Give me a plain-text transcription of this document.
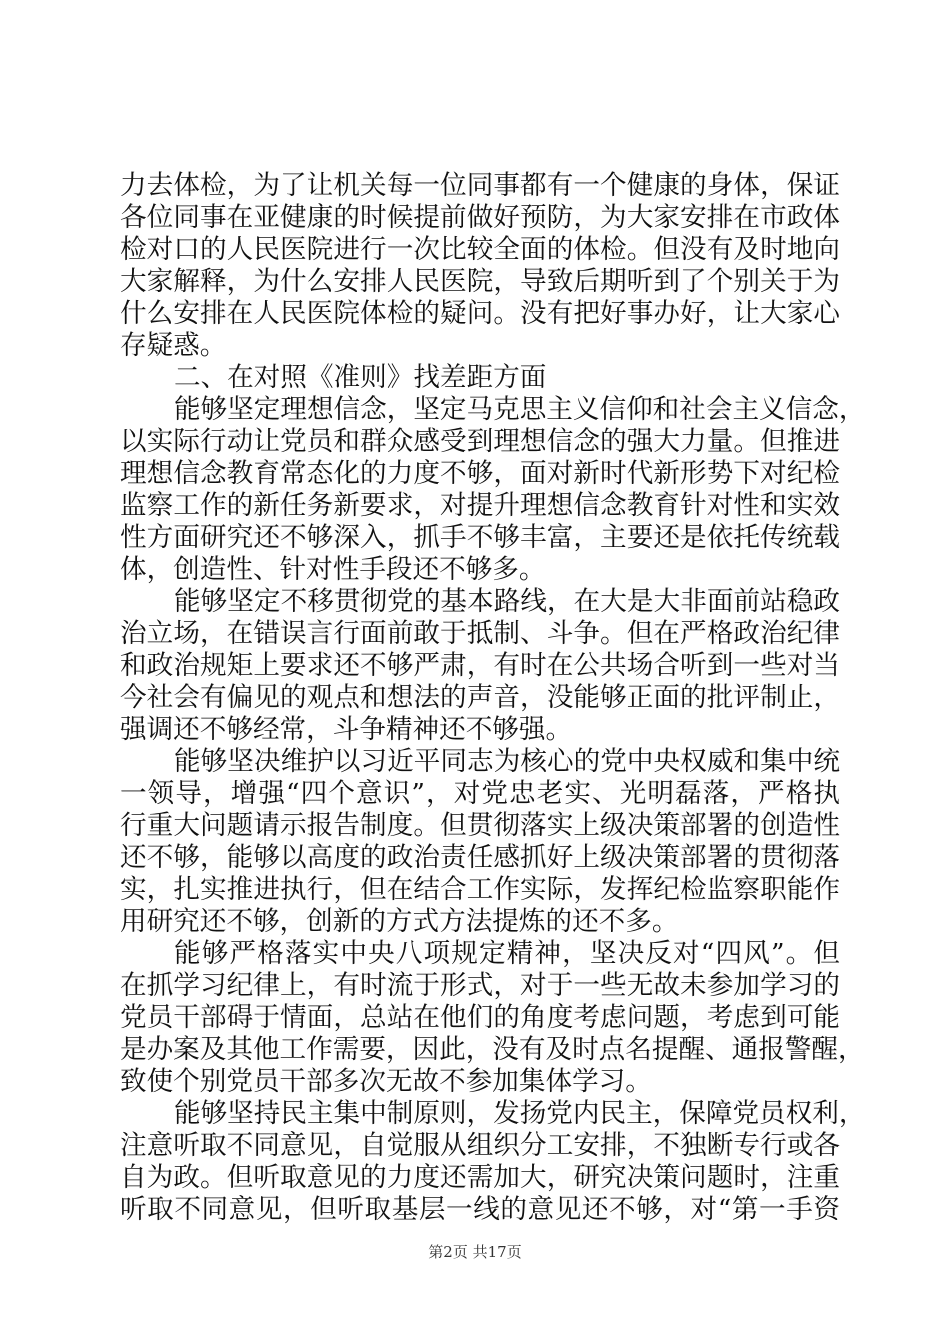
力去体检，为了让机关每一位同事都有一个健康的身体，保证
各位同事在亚健康的时候提前做好预防，为大家安排在市政体
检对口的人民医院进行一次比较全面的体检。但没有及时地向
大家解释，为什么安排人民医院，导致后期听到了个别关于为
什么安排在人民医院体检的疑问。没有把好事办好，让大家心
存疑惑。
二、在对照《准则》找差距方面
能够坚定理想信念，坚定马克思主义信仰和社会主义信念，
以实际行动让党员和群众感受到理想信念的强大力量。但推进
理想信念教育常态化的力度不够，面对新时代新形势下对纪检
监察工作的新任务新要求，对提升理想信念教育针对性和实效
性方面研究还不够深入，抓手不够丰富，主要还是依托传统载
体，创造性、针对性手段还不够多。
能够坚定不移贯彻党的基本路线，在大是大非面前站稳政
治立场，在错误言行面前敢于抵制、斗争。但在严格政治纪律
和政治规矩上要求还不够严肃，有时在公共场合听到一些对当
今社会有偏见的观点和想法的声音，没能够正面的批评制止，
强调还不够经常，斗争精神还不够强。
能够坚决维护以习近平同志为核心的党中央权威和集中统
一领导，增强“四个意识”，对党忠老实、光明磊落，严格执
行重大问题请示报告制度。但贯彻落实上级决策部署的创造性
还不够，能够以高度的政治责任感抓好上级决策部署的贯彻落
实，扎实推进执行，但在结合工作实际，发挥纪检监察职能作
用研究还不够，创新的方式方法提炼的还不多。
能够严格落实中央八项规定精神，坚决反对“四风”。但
在抓学习纪律上，有时流于形式，对于一些无故未参加学习的
党员干部碍于情面，总站在他们的角度考虑问题，考虑到可能
是办案及其他工作需要，因此，没有及时点名提醒、通报警醒，
致使个别党员干部多次无故不参加集体学习。
能够坚持民主集中制原则，发扬党内民主，保障党员权利，
注意听取不同意见，自觉服从组织分工安排，不独断专行或各
自为政。但听取意见的力度还需加大，研究决策问题时，注重
听取不同意见，但听取基层一线的意见还不够，对“第一手资
第2页 共17页
